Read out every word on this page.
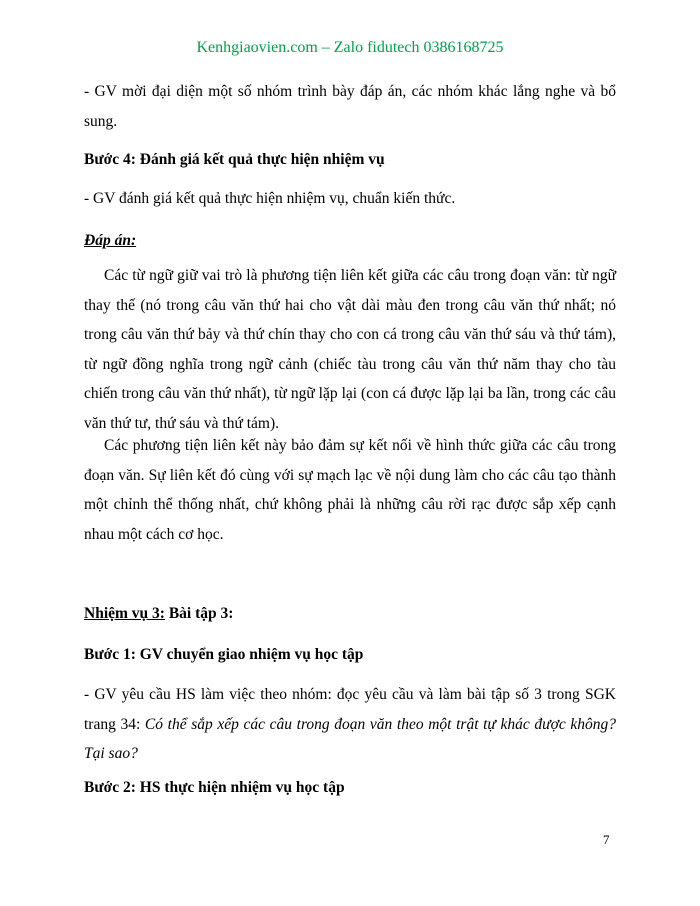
Kenhgiaovien.com – Zalo fidutech 0386168725

- GV mời đại diện một số nhóm trình bày đáp án, các nhóm khác lắng nghe và bổ sung.

Bước 4: Đánh giá kết quả thực hiện nhiệm vụ

- GV đánh giá kết quả thực hiện nhiệm vụ, chuẩn kiến thức.

Đáp án:

Các từ ngữ giữ vai trò là phương tiện liên kết giữa các câu trong đoạn văn: từ ngữ thay thế (nó trong câu văn thứ hai cho vật dài màu đen trong câu văn thứ nhất; nó trong câu văn thứ bảy và thứ chín thay cho con cá trong câu văn thứ sáu và thứ tám), từ ngữ đồng nghĩa trong ngữ cảnh (chiếc tàu trong câu văn thứ năm thay cho tàu chiến trong câu văn thứ nhất), từ ngữ lặp lại (con cá được lặp lại ba lần, trong các câu văn thứ tư, thứ sáu và thứ tám).

Các phương tiện liên kết này bảo đảm sự kết nối về hình thức giữa các câu trong đoạn văn. Sự liên kết đó cùng với sự mạch lạc về nội dung làm cho các câu tạo thành một chỉnh thể thống nhất, chứ không phải là những câu rời rạc được sắp xếp cạnh nhau một cách cơ học.

Nhiệm vụ 3: Bài tập 3:

Bước 1: GV chuyển giao nhiệm vụ học tập

- GV yêu cầu HS làm việc theo nhóm: đọc yêu cầu và làm bài tập số 3 trong SGK trang 34: Có thể sắp xếp các câu trong đoạn văn theo một trật tự khác được không? Tại sao?

Bước 2: HS thực hiện nhiệm vụ học tập

7
